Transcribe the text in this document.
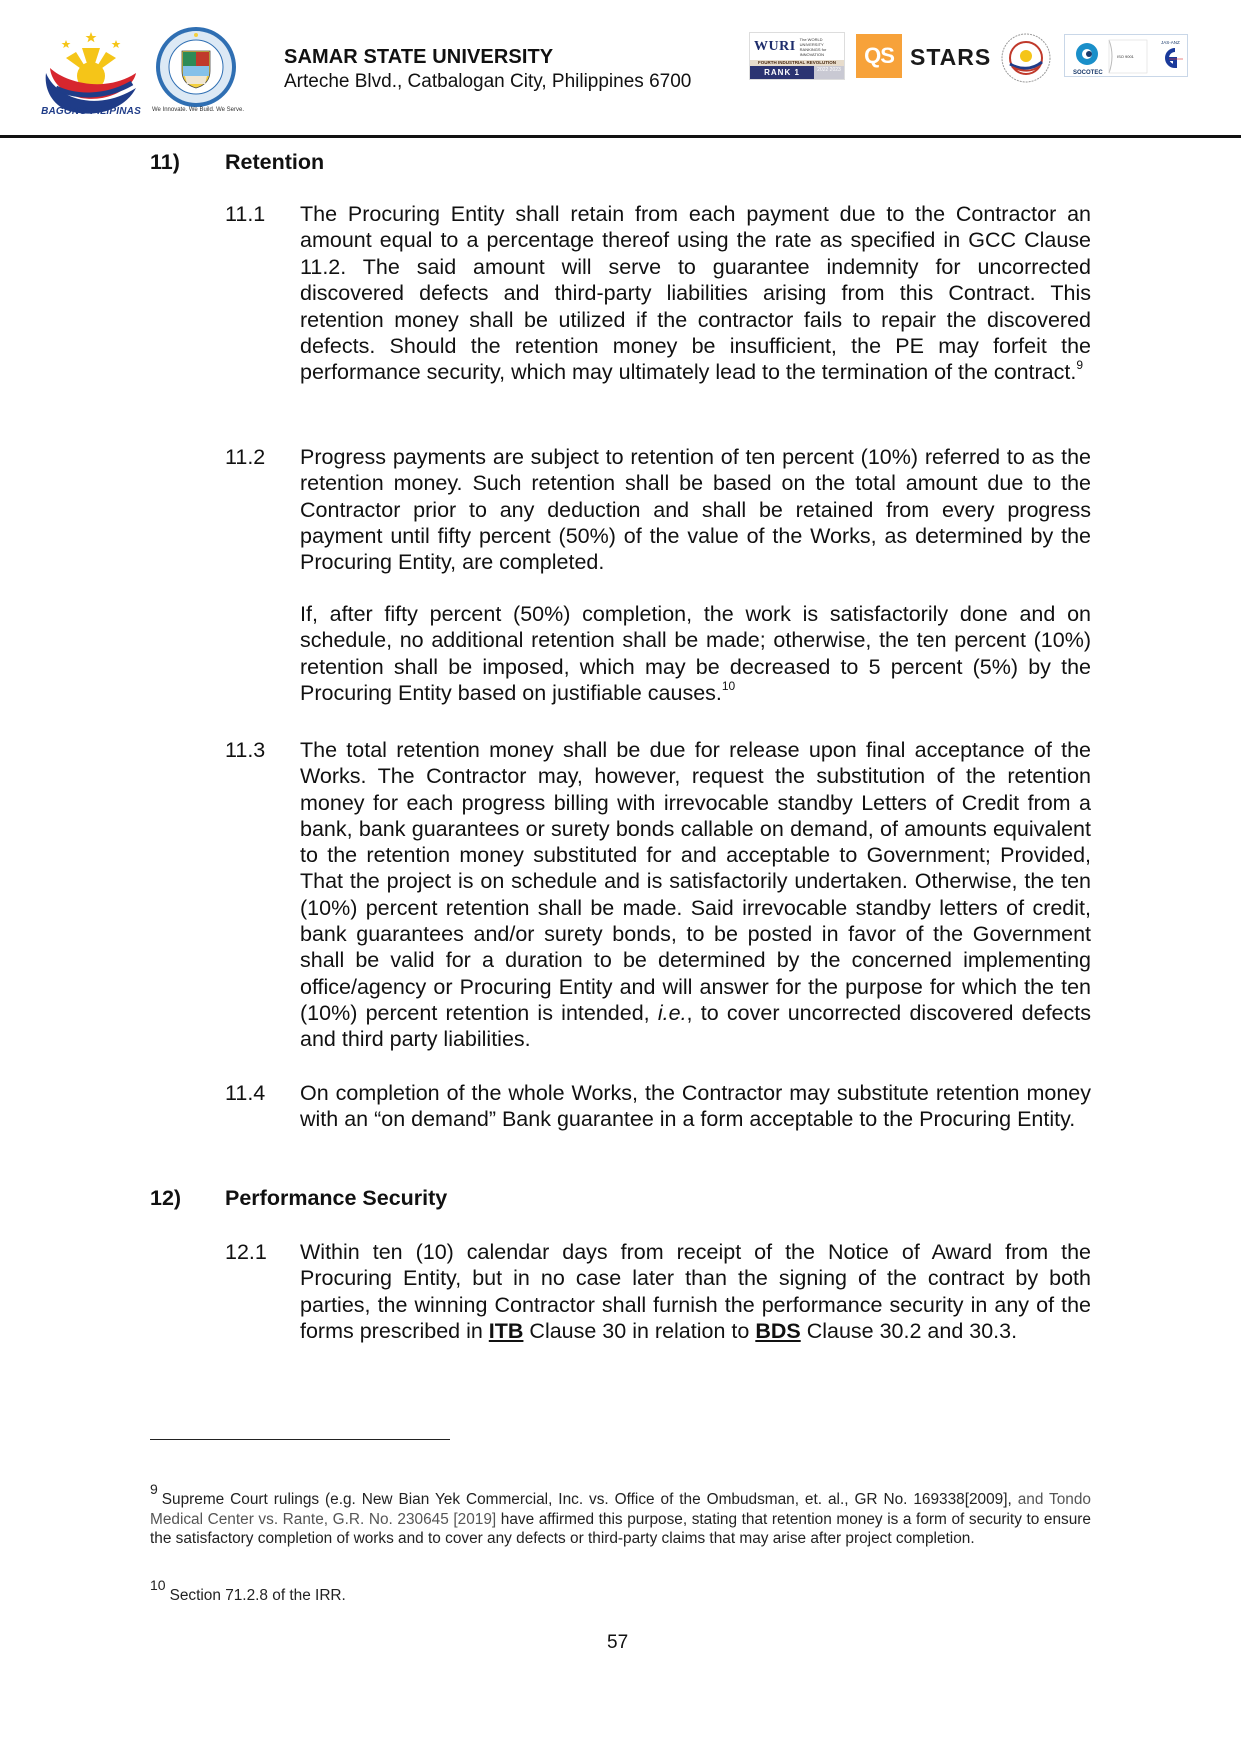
BAGONG PILIPINAS	We Innovate. We Build. We Serve.
SAMAR STATE UNIVERSITY
Arteche Blvd., Catbalogan City, Philippines 6700
WURI The WORLD UNIVERSITY RANKINGS for INNOVATION
FOURTH INDUSTRIAL REVOLUTION
RANK 1	2022 2023
QS STARS
SOCOTEC
ISO 9001
JAS-ANZ
11) Retention
11.1 The Procuring Entity shall retain from each payment due to the Contractor an amount equal to a percentage thereof using the rate as specified in GCC Clause 11.2. The said amount will serve to guarantee indemnity for uncorrected discovered defects and third-party liabilities arising from this Contract. This retention money shall be utilized if the contractor fails to repair the discovered defects. Should the retention money be insufficient, the PE may forfeit the performance security, which may ultimately lead to the termination of the contract.$^9$
11.2 Progress payments are subject to retention of ten percent (10%) referred to as the retention money. Such retention shall be based on the total amount due to the Contractor prior to any deduction and shall be retained from every progress payment until fifty percent (50%) of the value of the Works, as determined by the Procuring Entity, are completed.
If, after fifty percent (50%) completion, the work is satisfactorily done and on schedule, no additional retention shall be made; otherwise, the ten percent (10%) retention shall be imposed, which may be decreased to 5 percent (5%) by the Procuring Entity based on justifiable causes.$^{10}$
11.3 The total retention money shall be due for release upon final acceptance of the Works. The Contractor may, however, request the substitution of the retention money for each progress billing with irrevocable standby Letters of Credit from a bank, bank guarantees or surety bonds callable on demand, of amounts equivalent to the retention money substituted for and acceptable to Government; Provided, That the project is on schedule and is satisfactorily undertaken. Otherwise, the ten (10%) percent retention shall be made. Said irrevocable standby letters of credit, bank guarantees and/or surety bonds, to be posted in favor of the Government shall be valid for a duration to be determined by the concerned implementing office/agency or Procuring Entity and will answer for the purpose for which the ten (10%) percent retention is intended, i.e., to cover uncorrected discovered defects and third party liabilities.
11.4 On completion of the whole Works, the Contractor may substitute retention money with an “on demand” Bank guarantee in a form acceptable to the Procuring Entity.
12) Performance Security
12.1 Within ten (10) calendar days from receipt of the Notice of Award from the Procuring Entity, but in no case later than the signing of the contract by both parties, the winning Contractor shall furnish the performance security in any of the forms prescribed in ITB Clause 30 in relation to BDS Clause 30.2 and 30.3.
$^9$Supreme Court rulings (e.g. New Bian Yek Commercial, Inc. vs. Office of the Ombudsman, et. al., GR No. 169338[2009], and Tondo Medical Center vs. Rante, G.R. No. 230645 [2019] have affirmed this purpose, stating that retention money is a form of security to ensure the satisfactory completion of works and to cover any defects or third-party claims that may arise after project completion.
$^{10}$Section 71.2.8 of the IRR.
57
